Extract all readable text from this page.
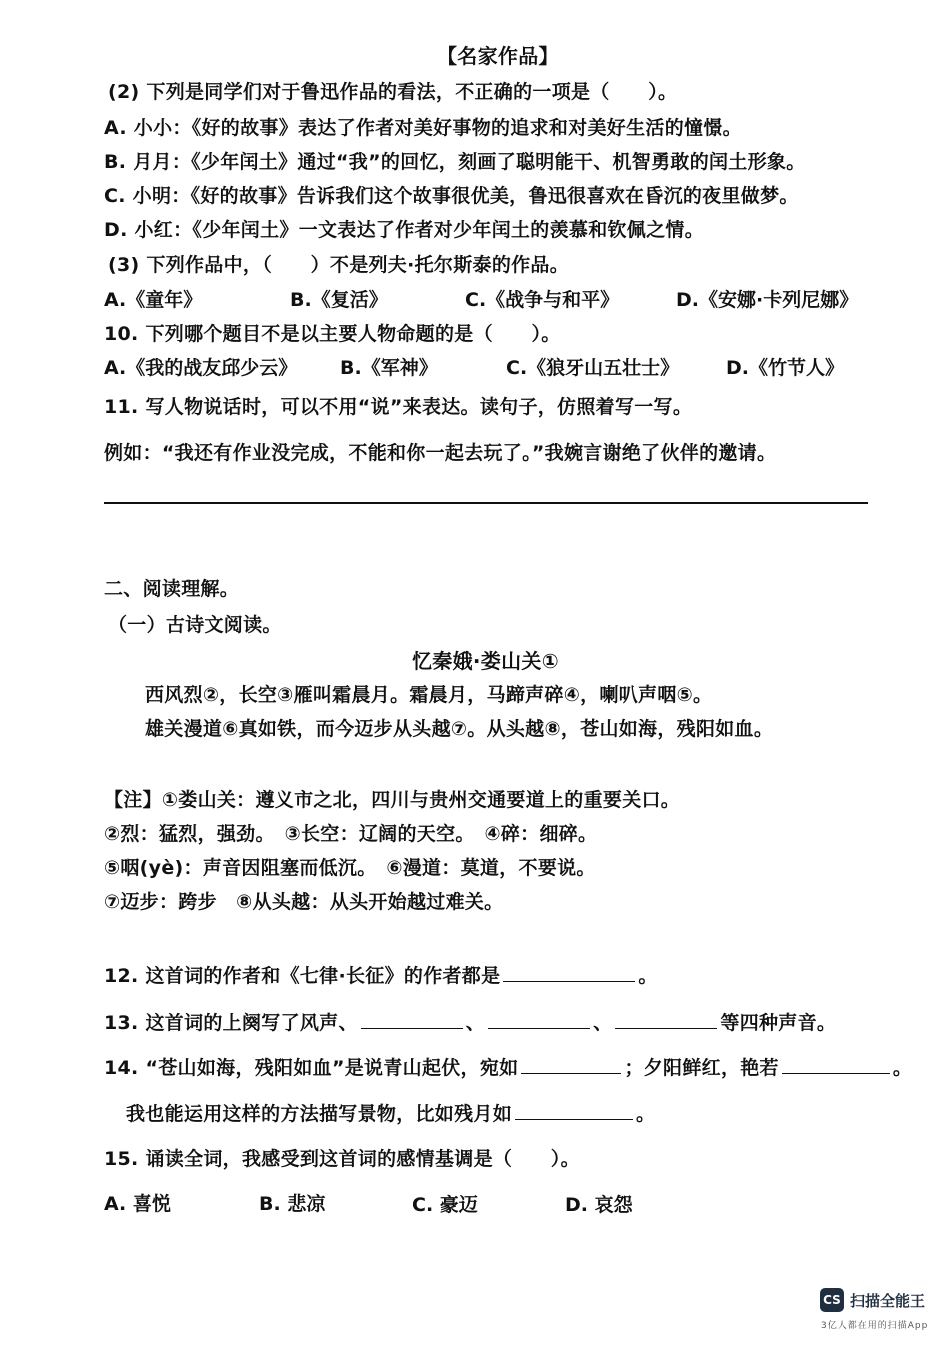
【名家作品】
(2) 下列是同学们对于鲁迅作品的看法，不正确的一项是（　　）。
A. 小小：《好的故事》表达了作者对美好事物的追求和对美好生活的憧憬。
B. 月月：《少年闰土》通过“我”的回忆，刻画了聪明能干、机智勇敢的闰土形象。
C. 小明：《好的故事》告诉我们这个故事很优美，鲁迅很喜欢在昏沉的夜里做梦。
D. 小红：《少年闰土》一文表达了作者对少年闰土的羡慕和钦佩之情。
(3) 下列作品中，（　　）不是列夫·托尔斯泰的作品。
A.《童年》	B.《复活》	C.《战争与和平》	D.《安娜·卡列尼娜》
10. 下列哪个题目不是以主要人物命题的是（　　）。
A.《我的战友邱少云》 B.《军神》	C.《狼牙山五壮士》 D.《竹节人》
11. 写人物说话时，可以不用“说”来表达。读句子，仿照着写一写。
例如：“我还有作业没完成，不能和你一起去玩了。”我婉言谢绝了伙伴的邀请。
二、阅读理解。
（一）古诗文阅读。
忆秦娥·娄山关①
西风烈②，长空③雁叫霜晨月。霜晨月，马蹄声碎④，喇叭声咽⑤。
雄关漫道⑥真如铁，而今迈步从头越⑦。从头越⑧，苍山如海，残阳如血。
【注】①娄山关：遵义市之北，四川与贵州交通要道上的重要关口。
②烈：猛烈，强劲。　③长空：辽阔的天空。　④碎：细碎。
⑤咽(yè)：声音因阻塞而低沉。　⑥漫道：莫道，不要说。
⑦迈步：跨步　⑧从头越：从头开始越过难关。
12. 这首词的作者和《七律·长征》的作者都是	。
13. 这首词的上阕写了风声、	、	、	等四种声音。
14. “苍山如海，残阳如血”是说青山起伏，宛如	；夕阳鲜红，艳若	。
我也能运用这样的方法描写景物，比如残月如	。
15. 诵读全词，我感受到这首词的感情基调是（　　）。
A. 喜悦	B. 悲凉	C. 豪迈	D. 哀怨
CS 扫描全能王
3亿人都在用的扫描App
